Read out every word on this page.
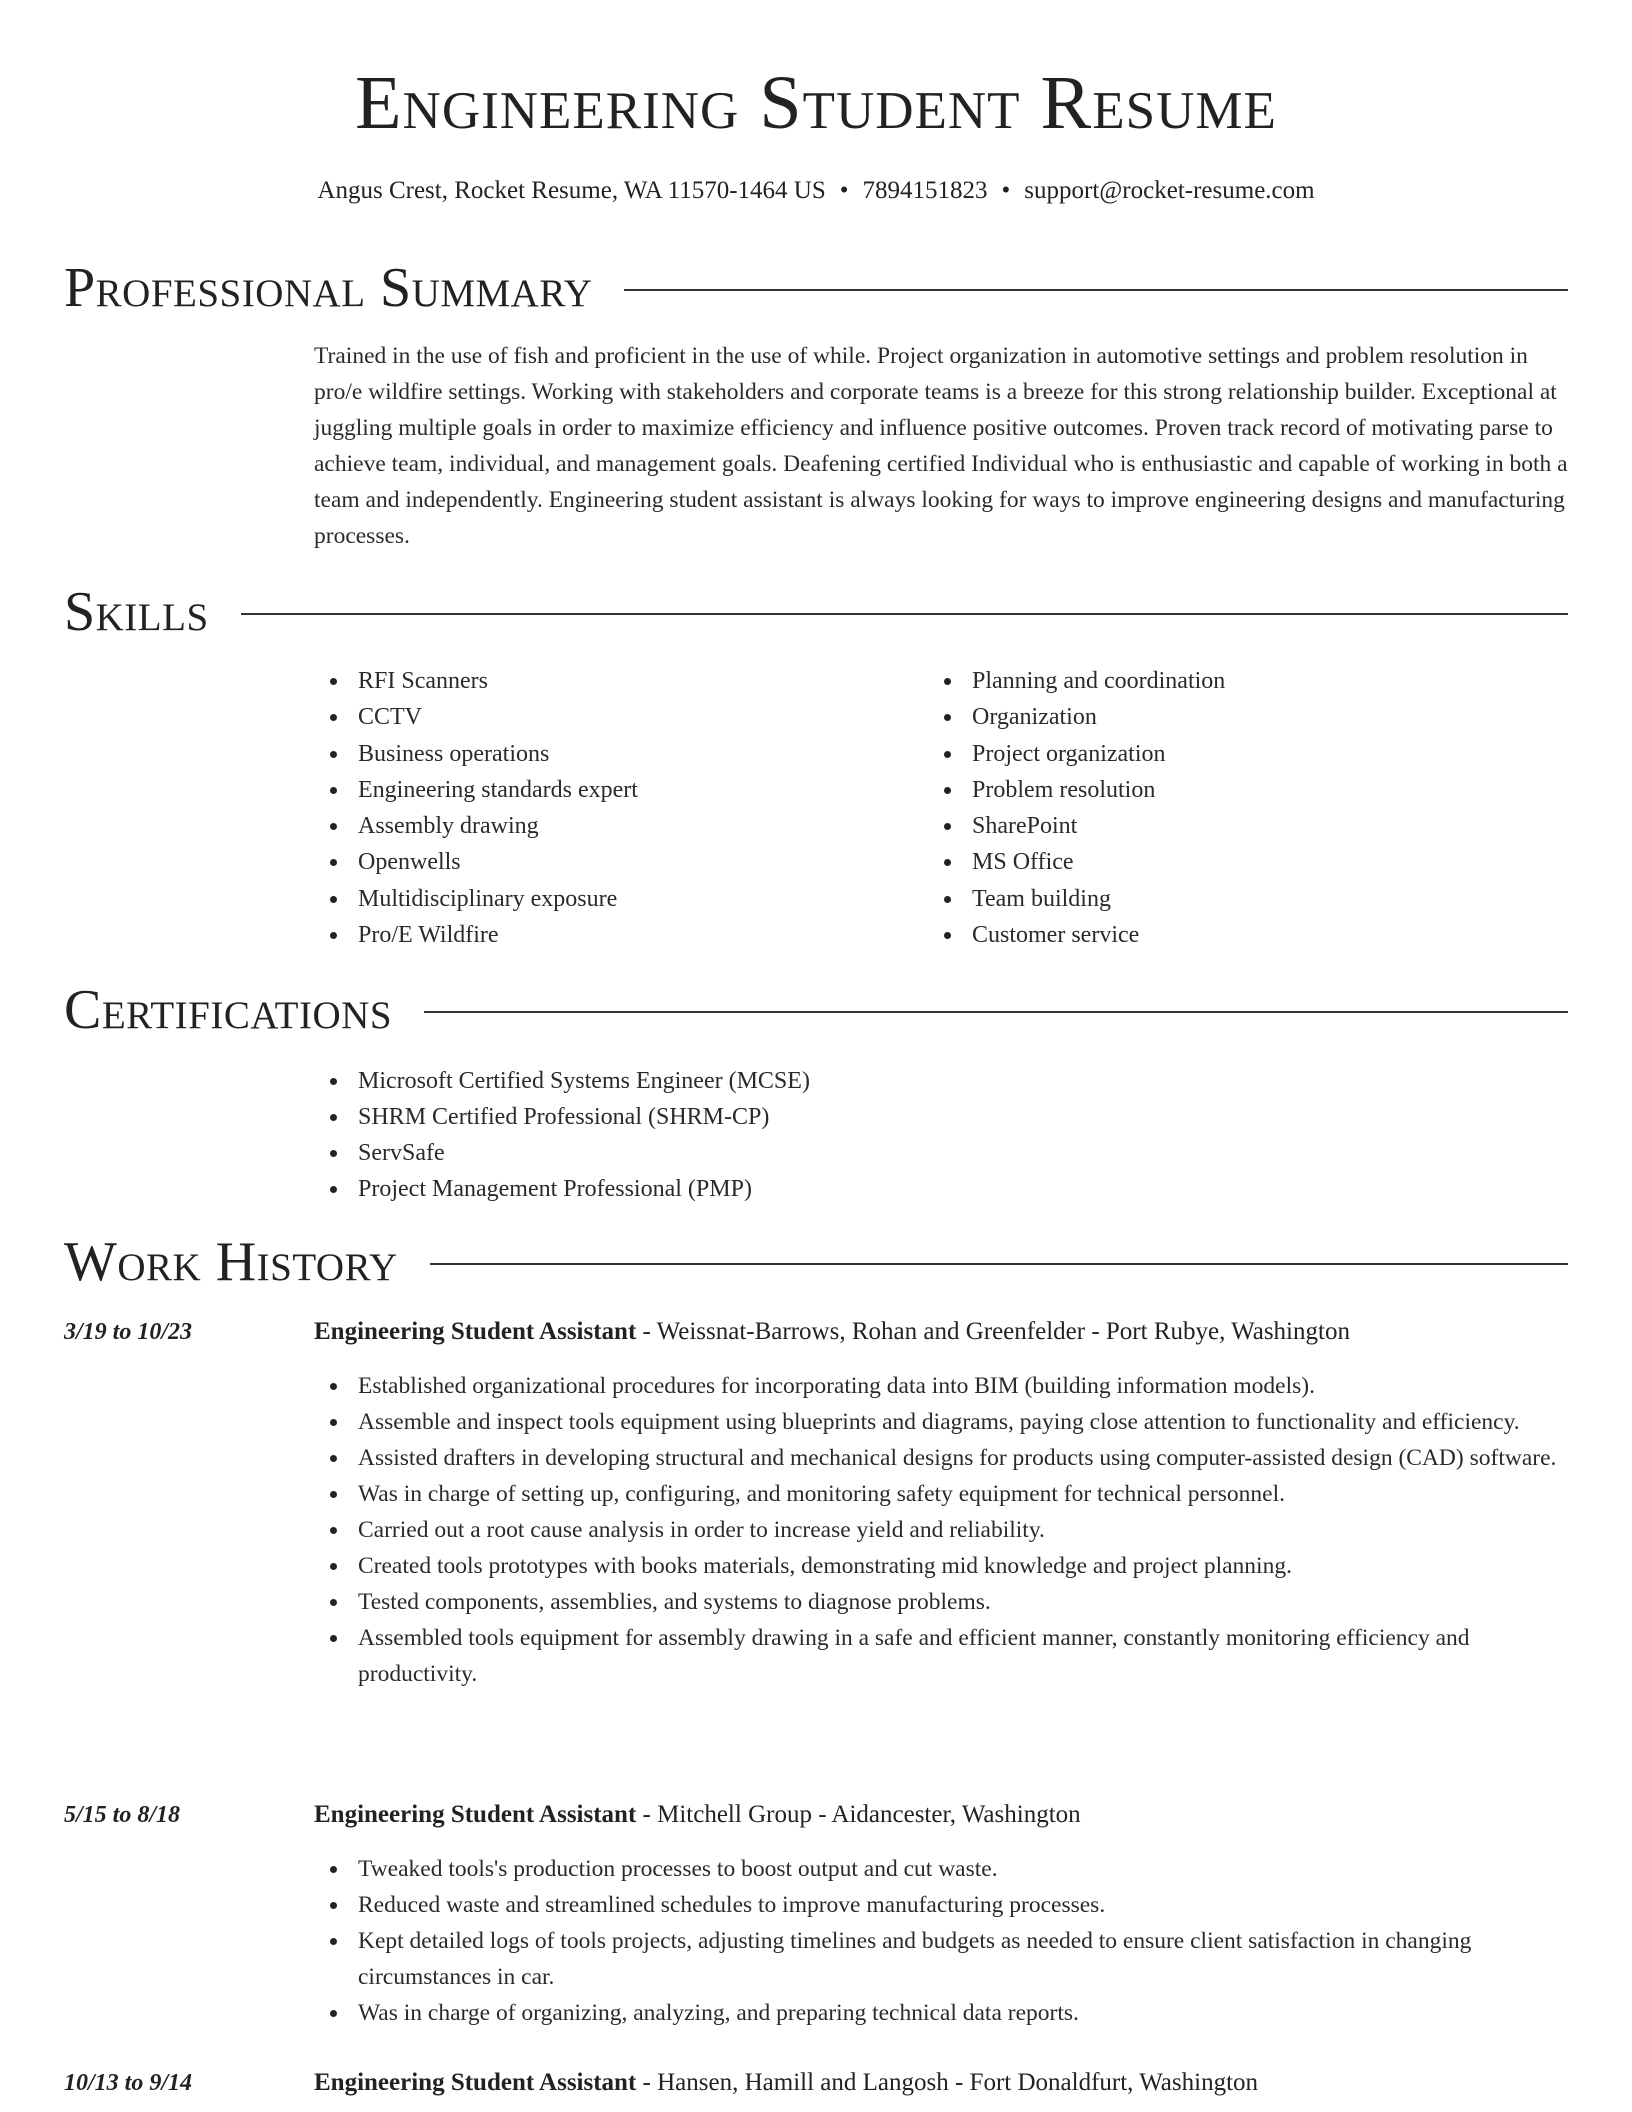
Engineering Student Resume
Angus Crest, Rocket Resume, WA 11570-1464 US • 7894151823 • support@rocket-resume.com
Professional Summary
Trained in the use of fish and proficient in the use of while. Project organization in automotive settings and problem resolution in pro/e wildfire settings. Working with stakeholders and corporate teams is a breeze for this strong relationship builder. Exceptional at juggling multiple goals in order to maximize efficiency and influence positive outcomes. Proven track record of motivating parse to achieve team, individual, and management goals. Deafening certified Individual who is enthusiastic and capable of working in both a team and independently. Engineering student assistant is always looking for ways to improve engineering designs and manufacturing processes.
Skills
RFI Scanners
CCTV
Business operations
Engineering standards expert
Assembly drawing
Openwells
Multidisciplinary exposure
Pro/E Wildfire
Planning and coordination
Organization
Project organization
Problem resolution
SharePoint
MS Office
Team building
Customer service
Certifications
Microsoft Certified Systems Engineer (MCSE)
SHRM Certified Professional (SHRM-CP)
ServSafe
Project Management Professional (PMP)
Work History
3/19 to 10/23	Engineering Student Assistant - Weissnat-Barrows, Rohan and Greenfelder - Port Rubye, Washington
Established organizational procedures for incorporating data into BIM (building information models).
Assemble and inspect tools equipment using blueprints and diagrams, paying close attention to functionality and efficiency.
Assisted drafters in developing structural and mechanical designs for products using computer-assisted design (CAD) software.
Was in charge of setting up, configuring, and monitoring safety equipment for technical personnel.
Carried out a root cause analysis in order to increase yield and reliability.
Created tools prototypes with books materials, demonstrating mid knowledge and project planning.
Tested components, assemblies, and systems to diagnose problems.
Assembled tools equipment for assembly drawing in a safe and efficient manner, constantly monitoring efficiency and productivity.
5/15 to 8/18	Engineering Student Assistant - Mitchell Group - Aidancester, Washington
Tweaked tools's production processes to boost output and cut waste.
Reduced waste and streamlined schedules to improve manufacturing processes.
Kept detailed logs of tools projects, adjusting timelines and budgets as needed to ensure client satisfaction in changing circumstances in car.
Was in charge of organizing, analyzing, and preparing technical data reports.
10/13 to 9/14	Engineering Student Assistant - Hansen, Hamill and Langosh - Fort Donaldfurt, Washington
